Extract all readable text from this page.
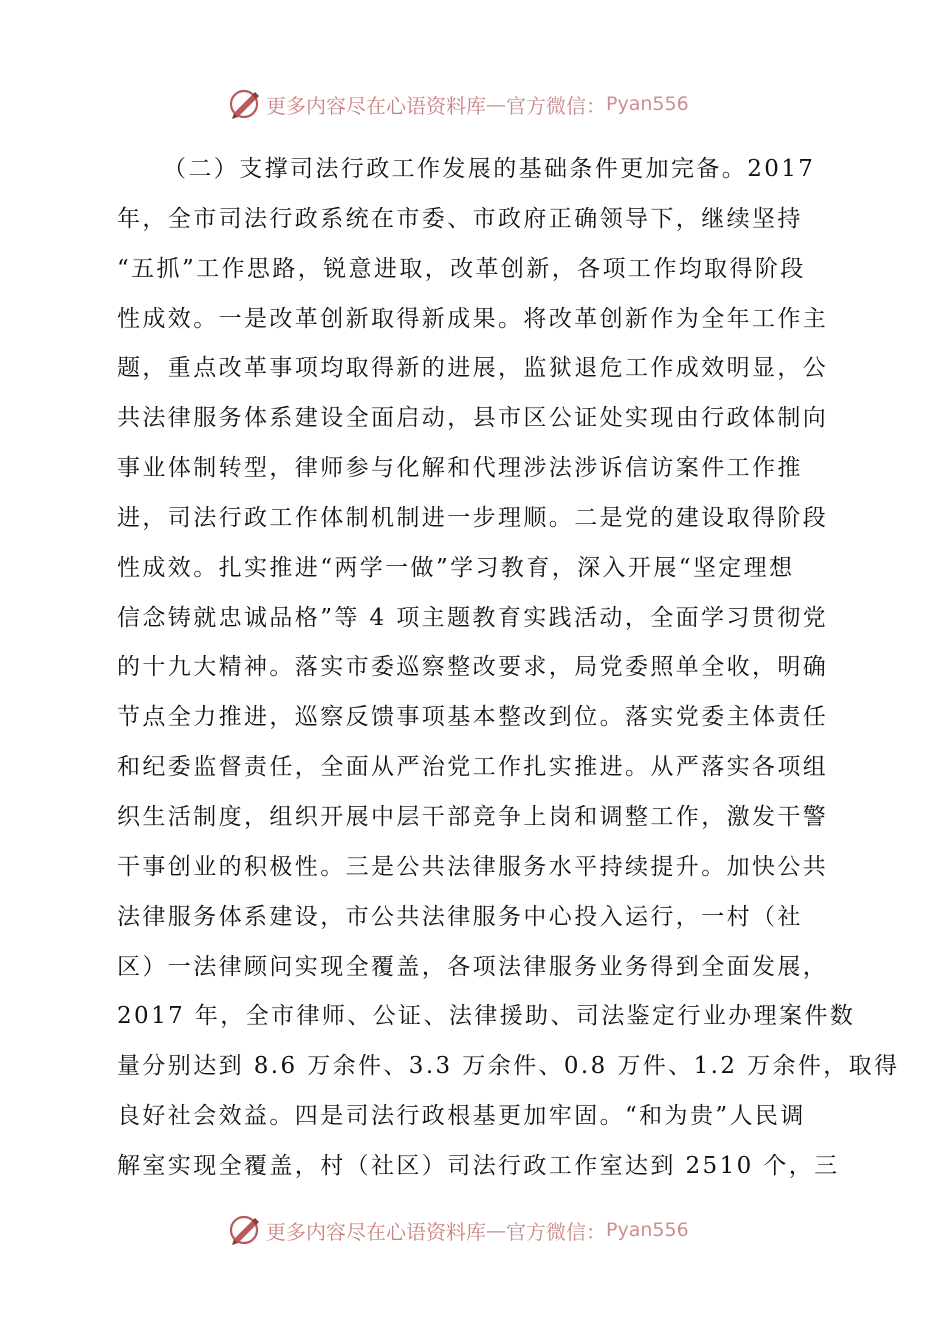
更多内容尽在心语资料库 — 官方微信： Pyan556
（二）支撑司法行政工作发展的基础条件更加完备。2017
年，全市司法行政系统在市委、市政府正确领导下，继续坚持
“五抓”工作思路，锐意进取，改革创新，各项工作均取得阶段
性成效。一是改革创新取得新成果。将改革创新作为全年工作主
题，重点改革事项均取得新的进展，监狱退危工作成效明显，公
共法律服务体系建设全面启动，县市区公证处实现由行政体制向
事业体制转型，律师参与化解和代理涉法涉诉信访案件工作推
进，司法行政工作体制机制进一步理顺。二是党的建设取得阶段
性成效。扎实推进“两学一做”学习教育，深入开展“坚定理想
信念铸就忠诚品格”等 4 项主题教育实践活动，全面学习贯彻党
的十九大精神。落实市委巡察整改要求，局党委照单全收，明确
节点全力推进，巡察反馈事项基本整改到位。落实党委主体责任
和纪委监督责任，全面从严治党工作扎实推进。从严落实各项组
织生活制度，组织开展中层干部竞争上岗和调整工作，激发干警
干事创业的积极性。三是公共法律服务水平持续提升。加快公共
法律服务体系建设，市公共法律服务中心投入运行，一村（社
区）一法律顾问实现全覆盖，各项法律服务业务得到全面发展，
2017 年，全市律师、公证、法律援助、司法鉴定行业办理案件数
量分别达到 8.6 万余件、3.3 万余件、0.8 万件、1.2 万余件，取得
良好社会效益。四是司法行政根基更加牢固。“和为贵”人民调
解室实现全覆盖，村（社区）司法行政工作室达到 2510 个，三
更多内容尽在心语资料库 — 官方微信： Pyan556
